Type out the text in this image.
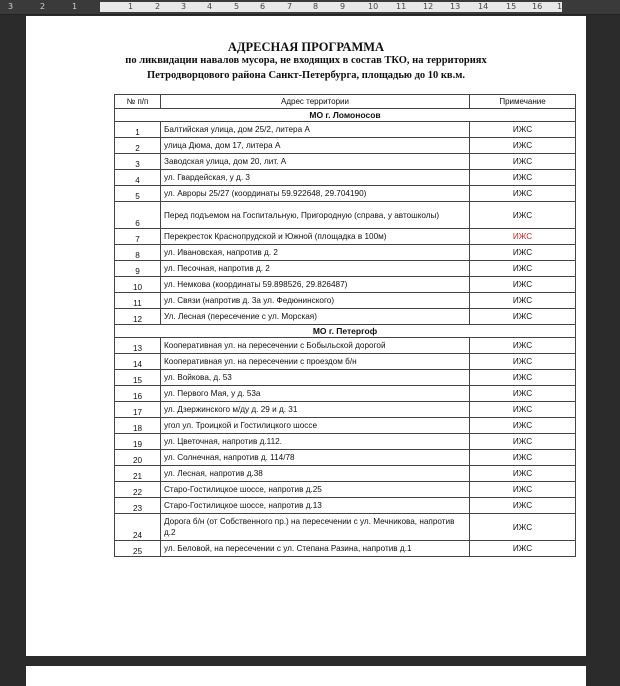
3	2	1	1	2	3	4	5	6	7	8	9	10 11 12 13 14 15 16 17
АДРЕСНАЯ ПРОГРАММА
по ликвидации навалов мусора, не входящих в состав ТКО, на территориях
Петродворцового района Санкт-Петербурга, площадью до 10 кв.м.
№ п/п	Адрес территории	Примечание
МО г. Ломоносов		
1	Балтийская улица, дом 25/2, литера А	ИЖС
2	улица Дюма, дом 17, литера А	ИЖС
3	Заводская улица, дом 20, лит. А	ИЖС
4	ул. Гвардейская, у д. 3	ИЖС
5	ул. Авроры 25/27 (координаты 59.922648, 29.704190)	ИЖС
6	Перед подъемом на Госпитальную, Пригородную (справа, у автошколы)	ИЖС
7	Перекресток Краснопрудской и Южной (площадка в 100м)	ИЖС
8	ул. Ивановская, напротив д. 2	ИЖС
9	ул. Песочная, напротив д. 2	ИЖС
10	ул. Немкова (координаты 59.898526, 29.826487)	ИЖС
11	ул. Связи (напротив д. 3а ул. Федюнинского)	ИЖС
12	Ул. Лесная (пересечение с ул. Морская)	ИЖС
МО г. Петергоф		
13	Кооперативная ул. на пересечении с Бобыльской дорогой	ИЖС
14	Кооперативная ул. на пересечении с проездом б/н	ИЖС
15	ул. Войкова, д. 53	ИЖС
16	ул. Первого Мая, у д. 53а	ИЖС
17	ул. Дзержинского м/ду д. 29 и д. 31	ИЖС
18	угол ул. Троицкой и Гостилицкого шоссе	ИЖС
19	ул. Цветочная, напротив д.112.	ИЖС
20	ул. Солнечная, напротив д. 114/78	ИЖС
21	ул. Лесная, напротив д.38	ИЖС
22	Старо-Гостилицкое шоссе, напротив д.25	ИЖС
23	Старо-Гостилицкое шоссе, напротив д.13	ИЖС
24	Дорога б/н (от Собственного пр.) на пересечении с ул. Мечникова, напротив д.2	ИЖС
25	ул. Беловой, на пересечении с ул. Степана Разина, напротив д.1	ИЖС
